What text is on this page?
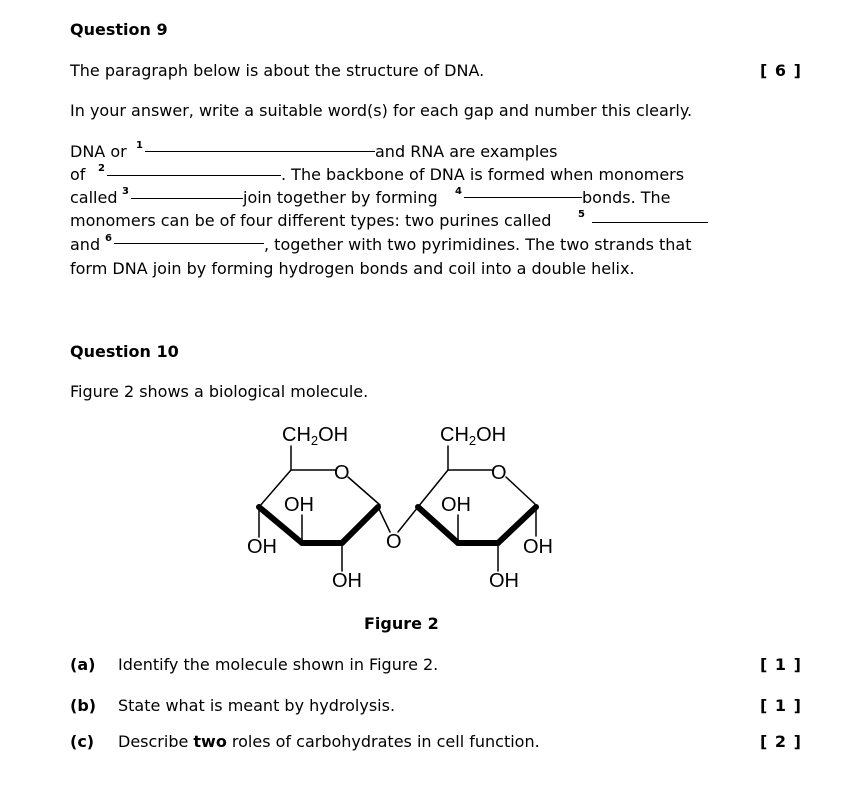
Question 9
The paragraph below is about the structure of DNA.	[ 6 ]
In your answer, write a suitable word(s) for each gap and number this clearly.
DNA or 1	and RNA are examples
of 2	. The backbone of DNA is formed when monomers
called 3	join together by forming 4	bonds. The
monomers can be of four different types: two purines called	5
and 6	, together with two pyrimidines. The two strands that
form DNA join by forming hydrogen bonds and coil into a double helix.
Question 10
Figure 2 shows a biological molecule.
$CH_2OH$	$CH_2OH$
O	O
OH	OH
OH	OH
O
OH	OH
Figure 2
(a) Identify the molecule shown in Figure 2.	[ 1 ]
(b) State what is meant by hydrolysis.	[ 1 ]
(c) Describe two roles of carbohydrates in cell function.	[ 2 ]
